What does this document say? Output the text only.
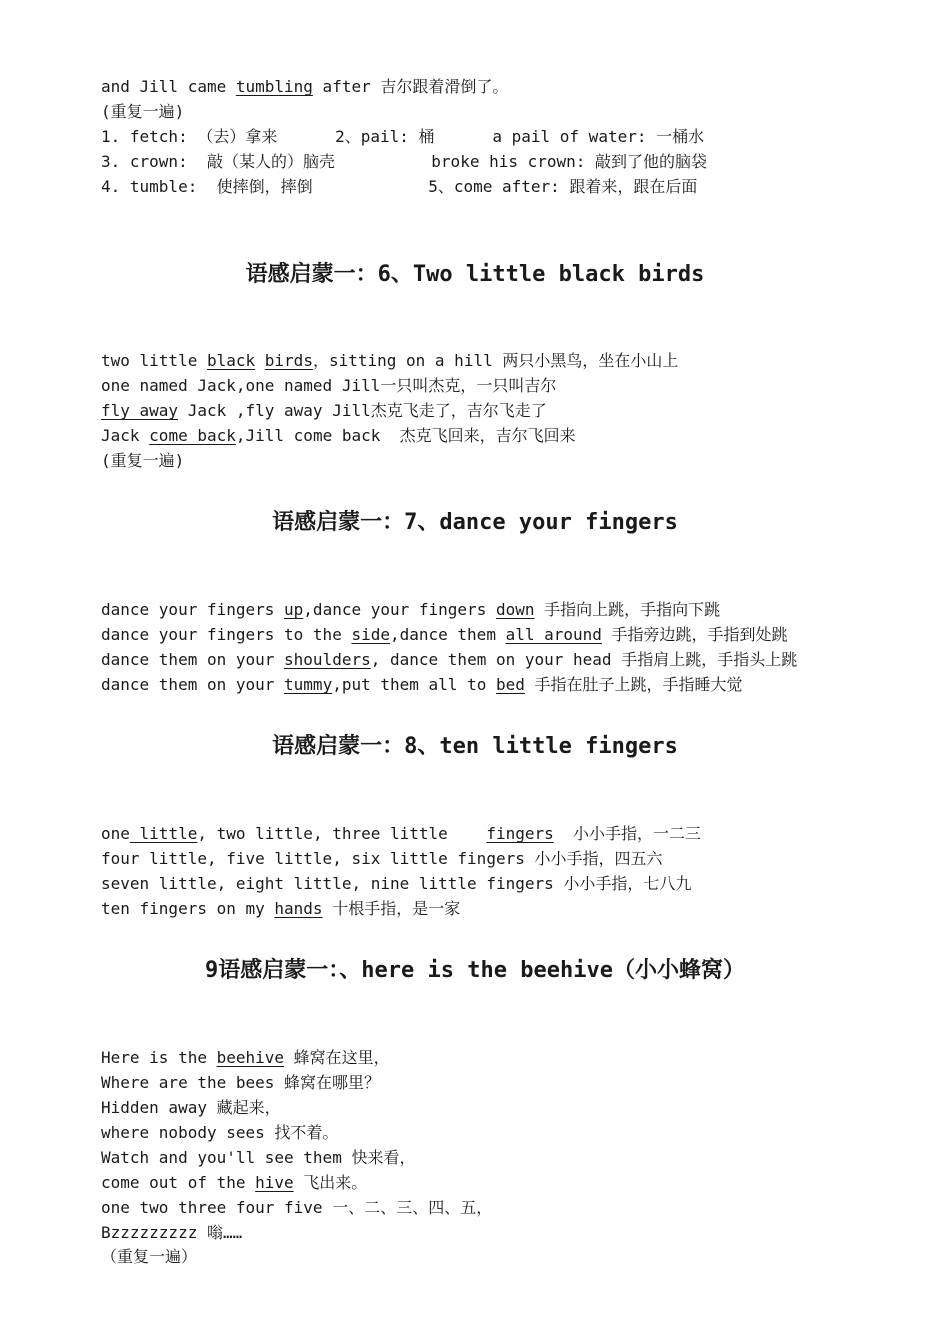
and Jill came tumbling after 吉尔跟着滑倒了。
(重复一遍)
1. fetch: （去）拿来      2、pail: 桶      a pail of water: 一桶水
3. crown:  敲（某人的）脑壳          broke his crown: 敲到了他的脑袋
4. tumble:  使摔倒，摔倒            5、come after: 跟着来，跟在后面
语感启蒙一：6、Two little black birds
two little black birds，sitting on a hill 两只小黑鸟，坐在小山上
one named Jack,one named Jill一只叫杰克，一只叫吉尔
fly away Jack ,fly away Jill杰克飞走了，吉尔飞走了
Jack come back,Jill come back  杰克飞回来，吉尔飞回来
(重复一遍)
语感启蒙一：7、dance your fingers
dance your fingers up,dance your fingers down 手指向上跳，手指向下跳
dance your fingers to the side,dance them all around 手指旁边跳，手指到处跳
dance them on your shoulders, dance them on your head 手指肩上跳，手指头上跳
dance them on your tummy,put them all to bed 手指在肚子上跳，手指睡大觉
语感启蒙一：8、ten little fingers
one little, two little, three little    fingers  小小手指，一二三
four little, five little, six little fingers 小小手指，四五六
seven little, eight little, nine little fingers 小小手指，七八九
ten fingers on my hands 十根手指，是一家
9语感启蒙一：、here is the beehive（小小蜂窝）
Here is the beehive 蜂窝在这里，
Where are the bees 蜂窝在哪里？
Hidden away 藏起来，
where nobody sees 找不着。
Watch and you'll see them 快来看，
come out of the hive 飞出来。
one two three four five 一、二、三、四、五，
Bzzzzzzzzz 嗡……
（重复一遍）
